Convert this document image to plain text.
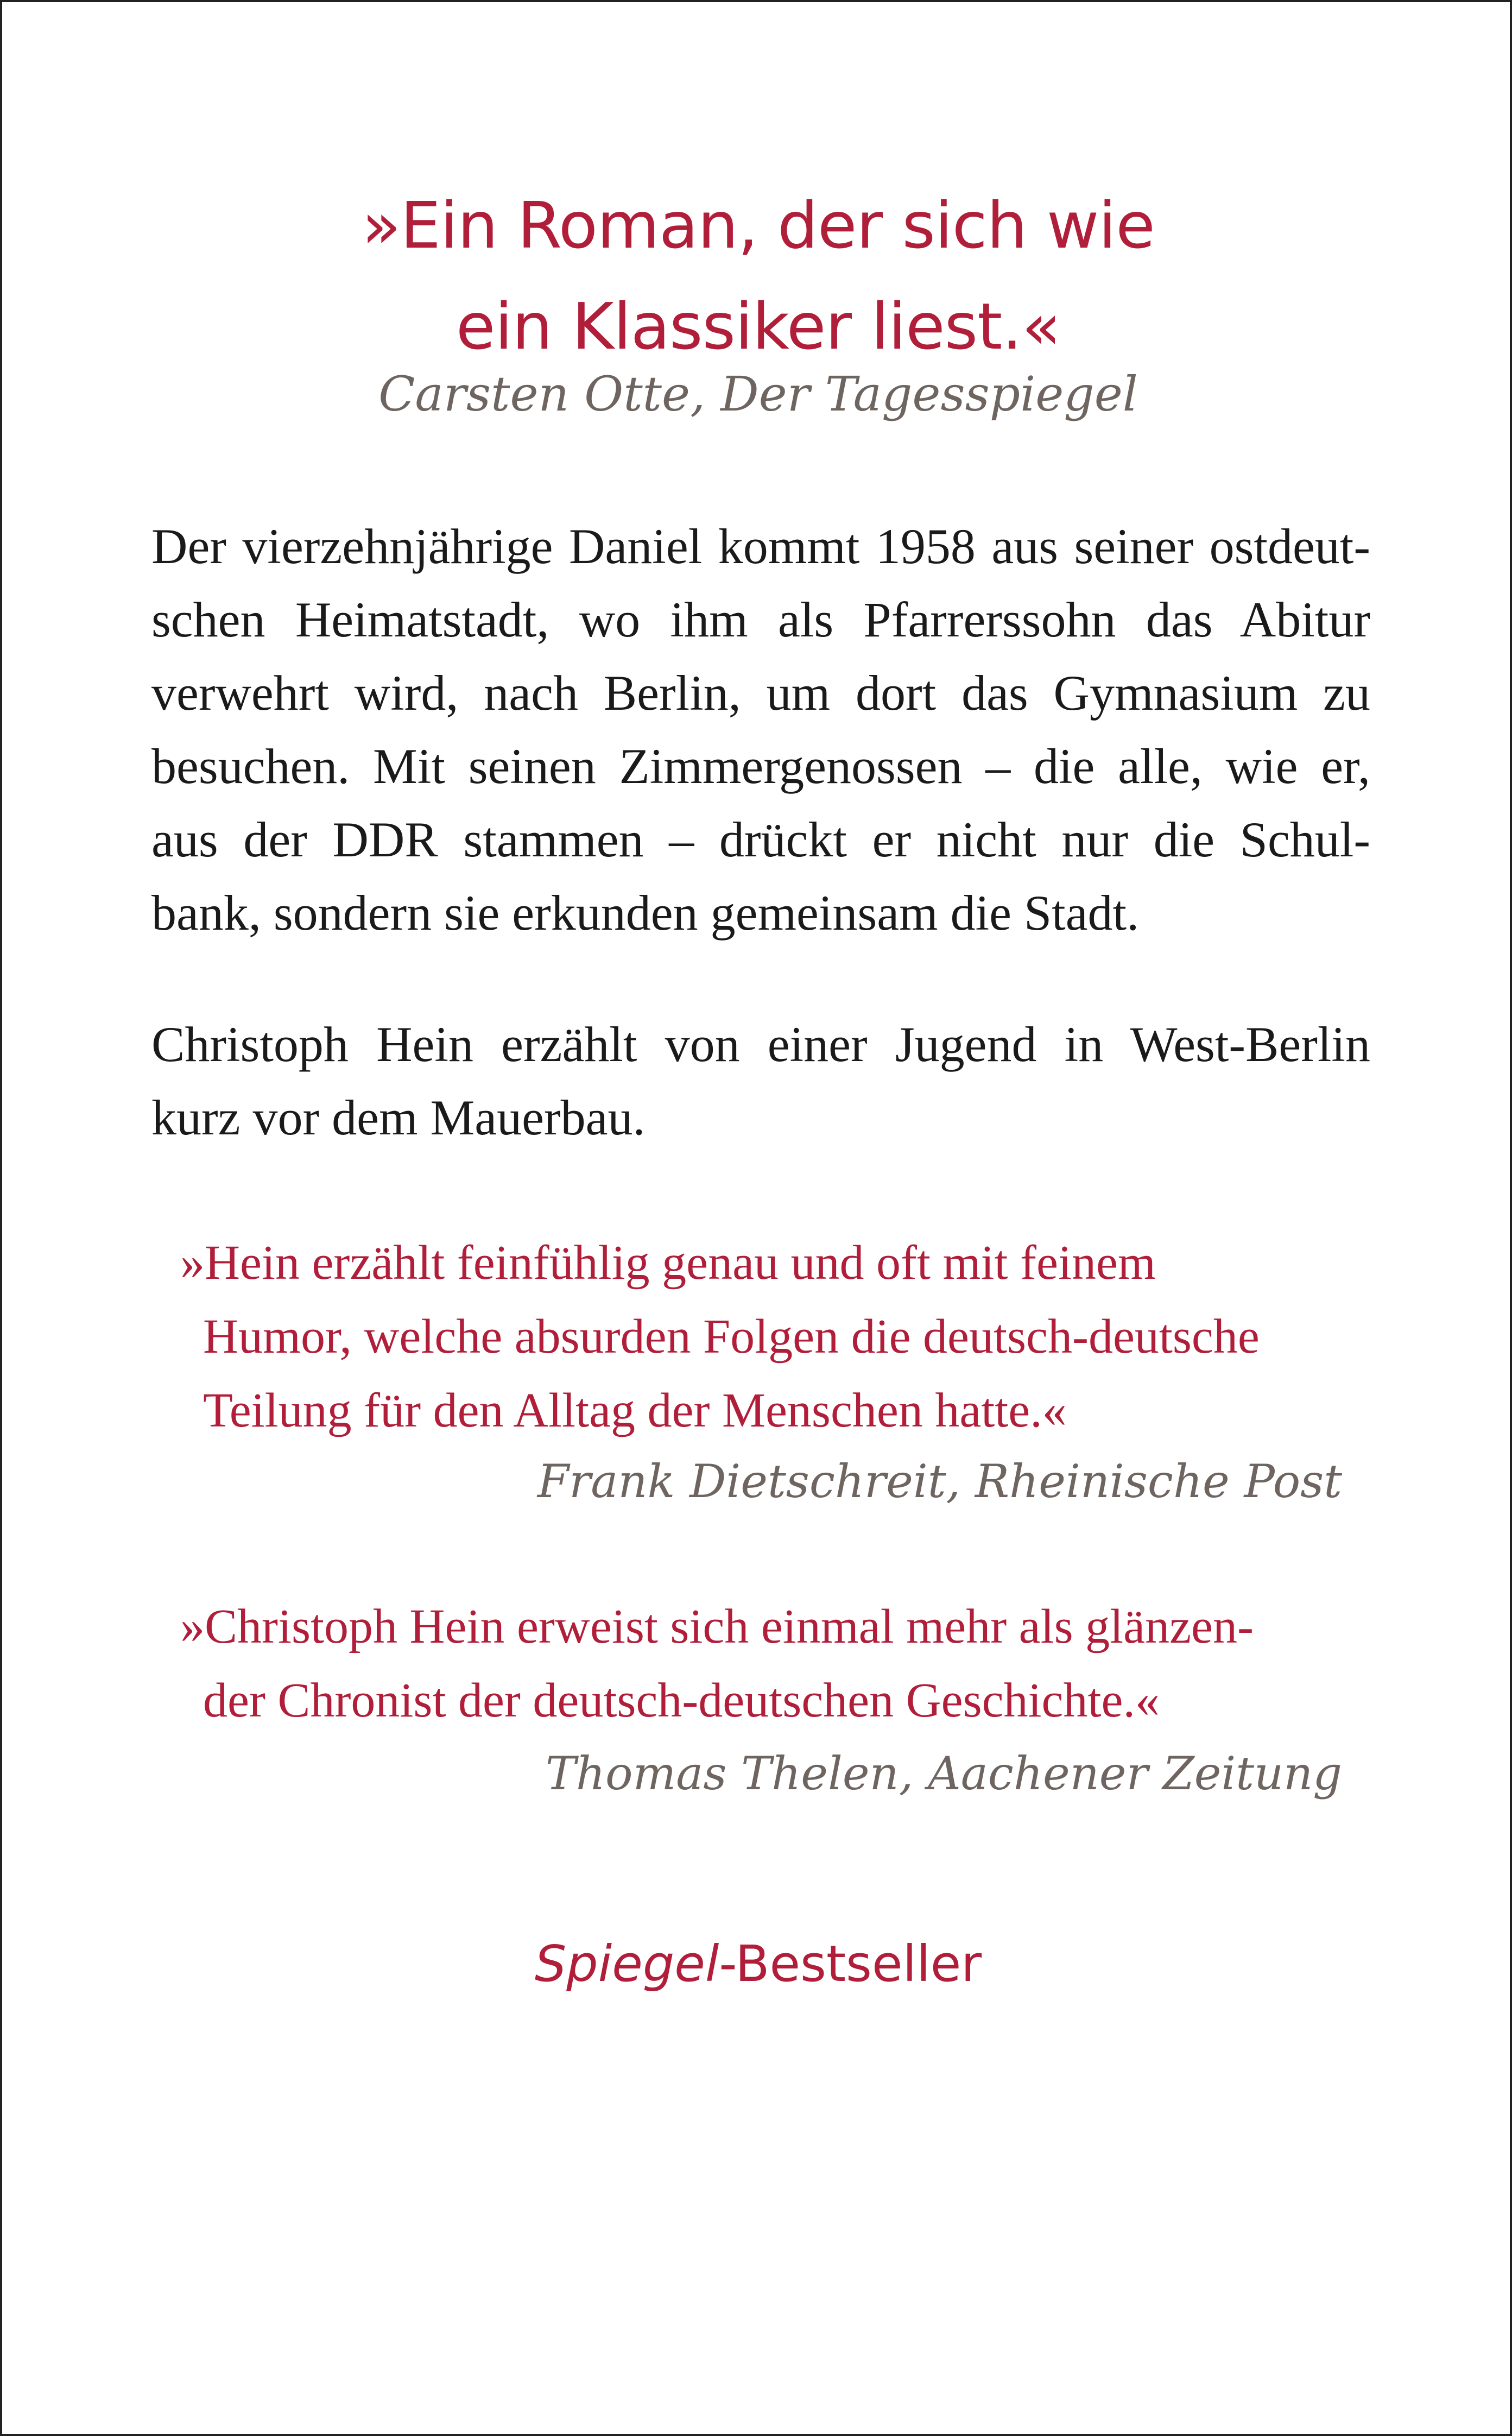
»Ein Roman, der sich wie
ein Klassiker liest.«
Carsten Otte, Der Tagesspiegel
Der vierzehnjährige Daniel kommt 1958 aus seiner ostdeut-
schen Heimatstadt, wo ihm als Pfarrerssohn das Abitur
verwehrt wird, nach Berlin, um dort das Gymnasium zu
besuchen. Mit seinen Zimmergenossen – die alle, wie er,
aus der DDR stammen – drückt er nicht nur die Schul-
bank, sondern sie erkunden gemeinsam die Stadt.
Christoph Hein erzählt von einer Jugend in West-Berlin
kurz vor dem Mauerbau.
»Hein erzählt feinfühlig genau und oft mit feinem
Humor, welche absurden Folgen die deutsch-deutsche
Teilung für den Alltag der Menschen hatte.«
Frank Dietschreit, Rheinische Post
»Christoph Hein erweist sich einmal mehr als glänzen-
der Chronist der deutsch-deutschen Geschichte.«
Thomas Thelen, Aachener Zeitung
Spiegel-Bestseller
